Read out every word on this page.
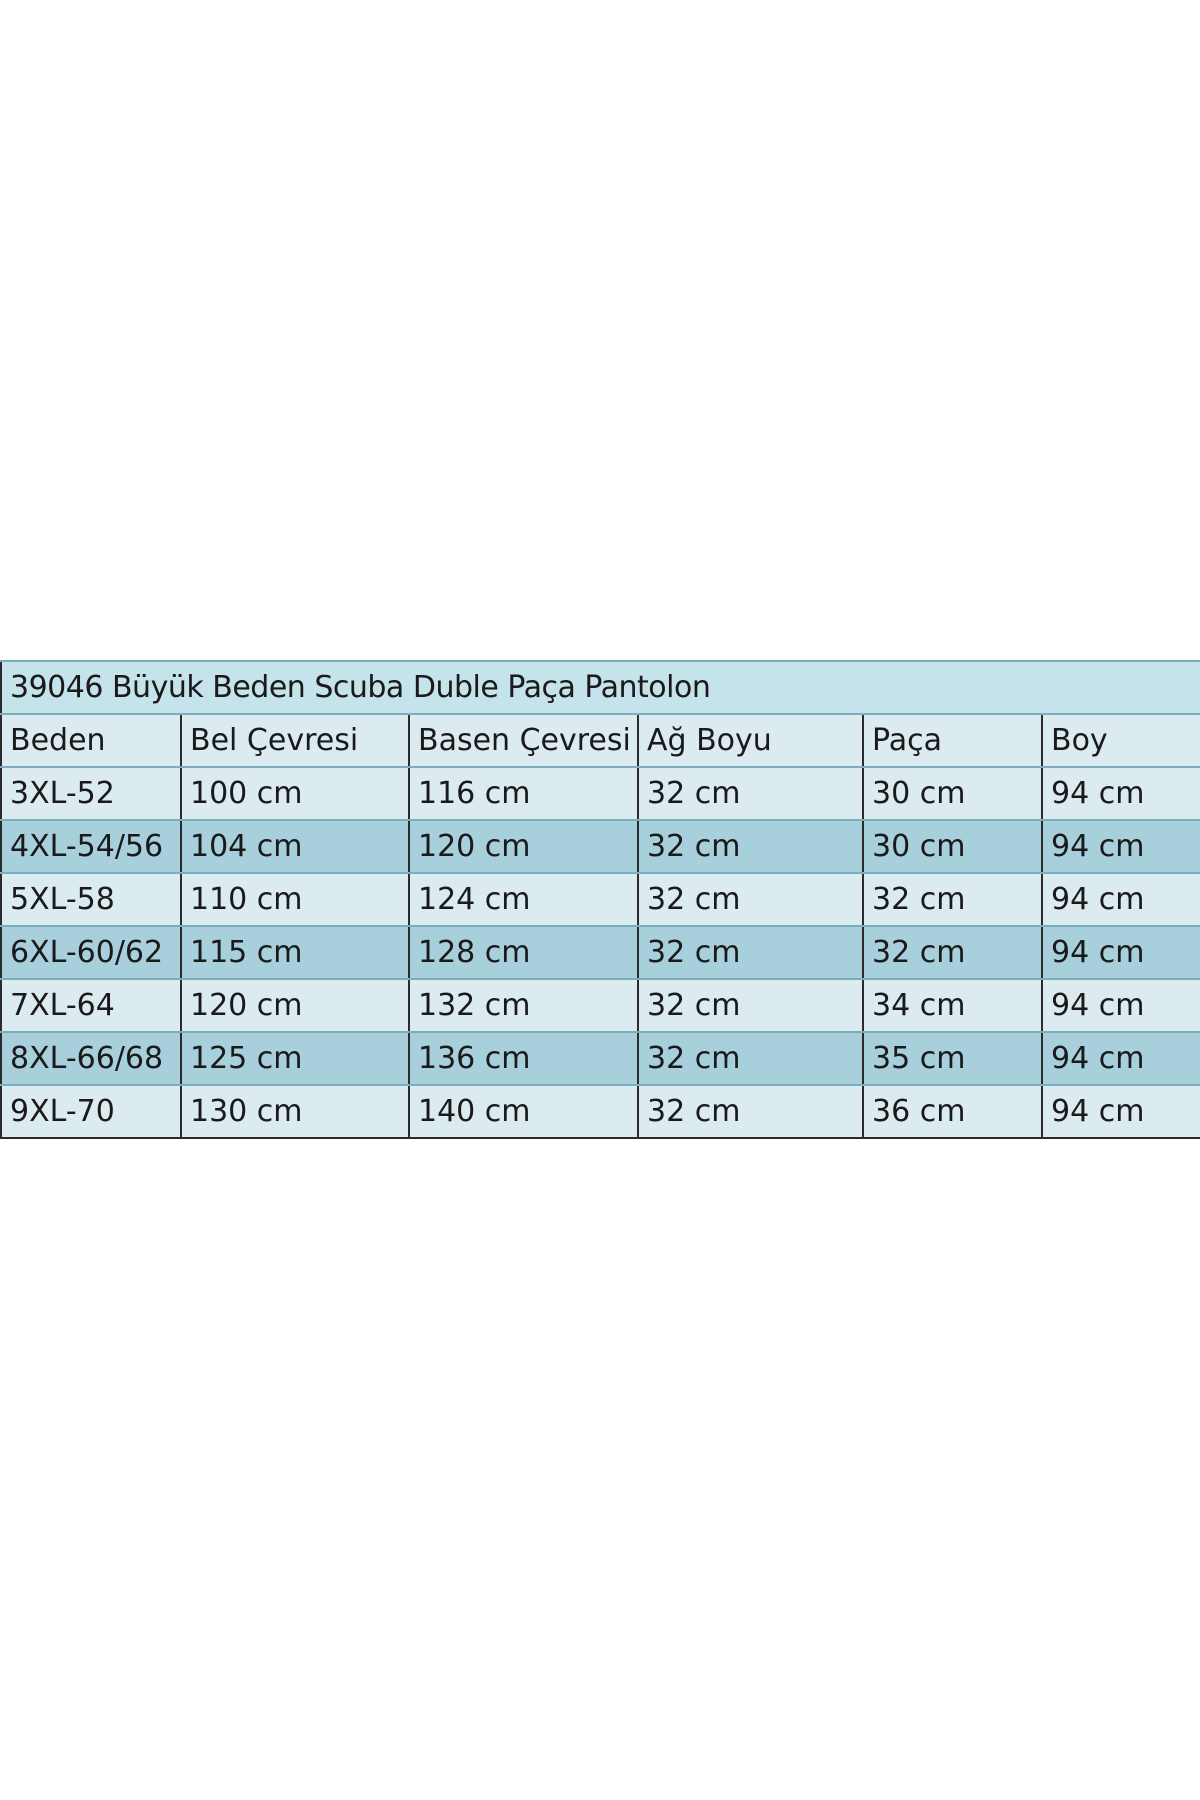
39046 Büyük Beden Scuba Duble Paça Pantolon					
Beden	Bel Çevresi	Basen Çevresi	Ağ Boyu	Paça	Boy
3XL-52	100 cm	116 cm	32 cm	30 cm	94 cm
4XL-54/56	104 cm	120 cm	32 cm	30 cm	94 cm
5XL-58	110 cm	124 cm	32 cm	32 cm	94 cm
6XL-60/62	115 cm	128 cm	32 cm	32 cm	94 cm
7XL-64	120 cm	132 cm	32 cm	34 cm	94 cm
8XL-66/68	125 cm	136 cm	32 cm	35 cm	94 cm
9XL-70	130 cm	140 cm	32 cm	36 cm	94 cm
